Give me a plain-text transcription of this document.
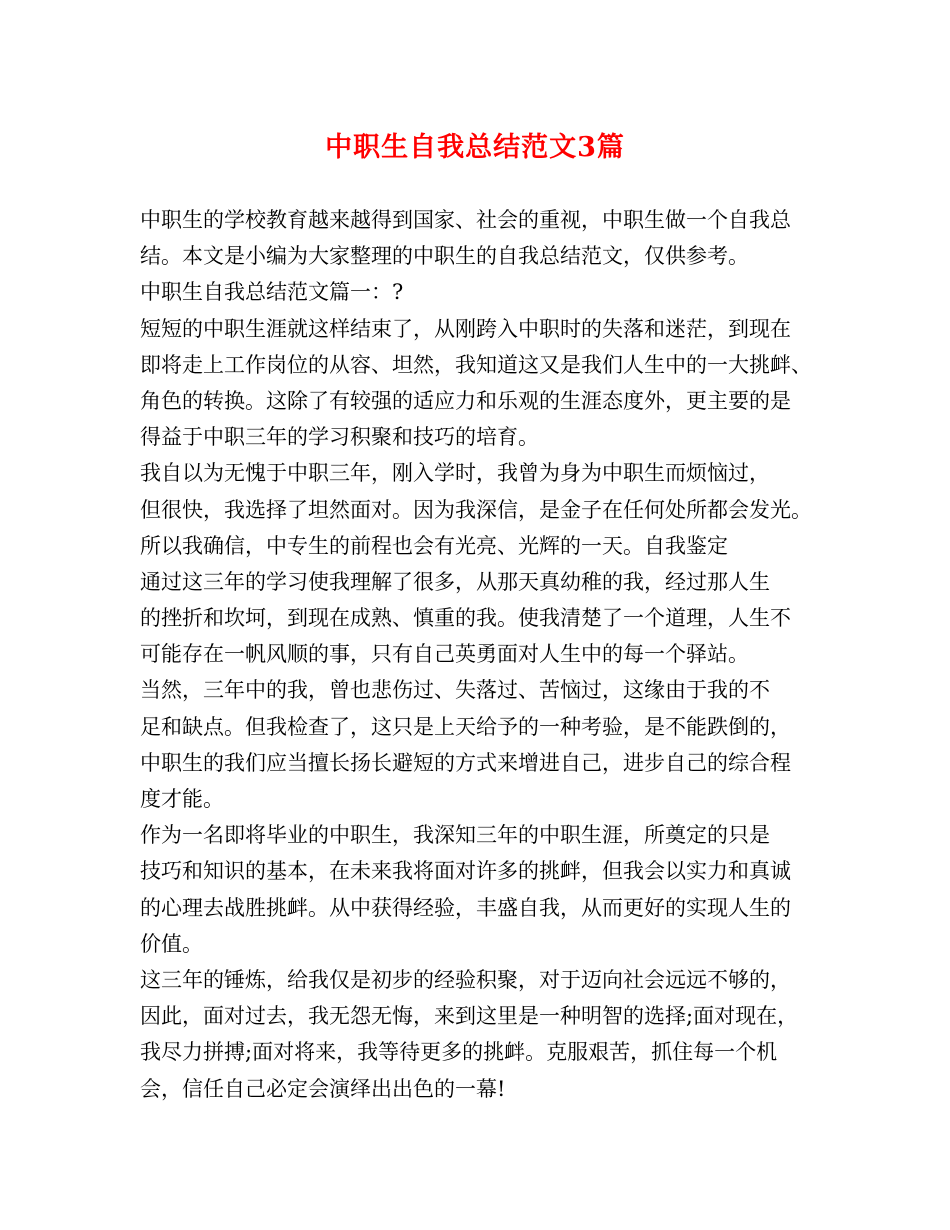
中职生自我总结范文3篇
中职生的学校教育越来越得到国家、社会的重视，中职生做一个自我总
结。本文是小编为大家整理的中职生的自我总结范文，仅供参考。
中职生自我总结范文篇一：?
短短的中职生涯就这样结束了，从刚跨入中职时的失落和迷茫，到现在
即将走上工作岗位的从容、坦然，我知道这又是我们人生中的一大挑衅、
角色的转换。这除了有较强的适应力和乐观的生涯态度外，更主要的是
得益于中职三年的学习积聚和技巧的培育。
我自以为无愧于中职三年，刚入学时，我曾为身为中职生而烦恼过，
但很快，我选择了坦然面对。因为我深信，是金子在任何处所都会发光。
所以我确信，中专生的前程也会有光亮、光辉的一天。自我鉴定
通过这三年的学习使我理解了很多，从那天真幼稚的我，经过那人生
的挫折和坎坷，到现在成熟、慎重的我。使我清楚了一个道理，人生不
可能存在一帆风顺的事，只有自己英勇面对人生中的每一个驿站。
当然，三年中的我，曾也悲伤过、失落过、苦恼过，这缘由于我的不
足和缺点。但我检查了，这只是上天给予的一种考验，是不能跌倒的，
中职生的我们应当擅长扬长避短的方式来增进自己，进步自己的综合程
度才能。
作为一名即将毕业的中职生，我深知三年的中职生涯，所奠定的只是
技巧和知识的基本，在未来我将面对许多的挑衅，但我会以实力和真诚
的心理去战胜挑衅。从中获得经验，丰盛自我，从而更好的实现人生的
价值。
这三年的锤炼，给我仅是初步的经验积聚，对于迈向社会远远不够的，
因此，面对过去，我无怨无悔，来到这里是一种明智的选择;面对现在，
我尽力拼搏;面对将来，我等待更多的挑衅。克服艰苦，抓住每一个机
会，信任自己必定会演绎出出色的一幕!
